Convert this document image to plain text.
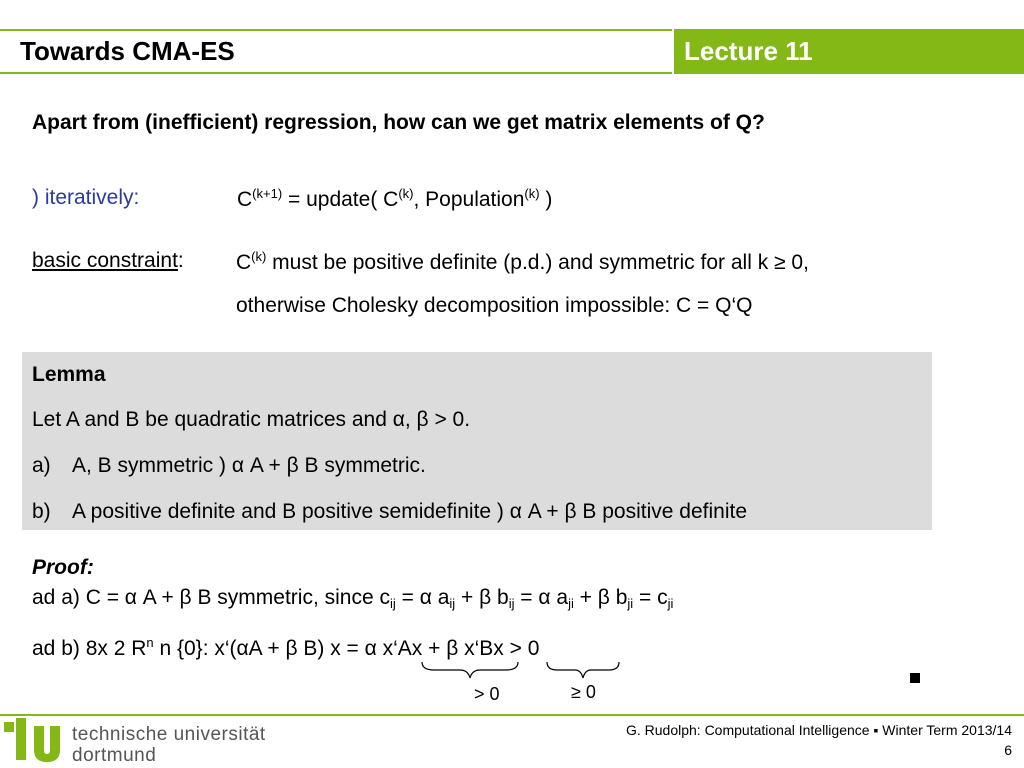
Towards CMA-ES	Lecture 11
Apart from (inefficient) regression, how can we get matrix elements of Q?
) iteratively:	$C^{(k+1)}$ = update( $C^{(k)}$, Population$^{(k)}$ )
basic constraint: $C^{(k)}$ must be positive definite (p.d.) and symmetric for all k ≥ 0,
otherwise Cholesky decomposition impossible: C = Q‘Q
Lemma
Let A and B be quadratic matrices and α, β > 0.
a) A, B symmetric ) α A + β B symmetric.
b) A positive definite and B positive semidefinite ) α A + β B positive definite
Proof:
ad a) C = α A + β B symmetric, since $c_{ij} = \alpha$ $a_{ij} + \beta$ $b_{ij} = \alpha$ $a_{ji} + \beta$ $b_{ji} = c_{ji}$
ad b) 8x 2 $R^n$ n {0}: x‘(αA + β B) x = α x‘Ax + β x‘Bx > 0
> 0	≥ 0
technische universität
dortmund
G. Rudolph: Computational Intelligence ▪ Winter Term 2013/14
6
